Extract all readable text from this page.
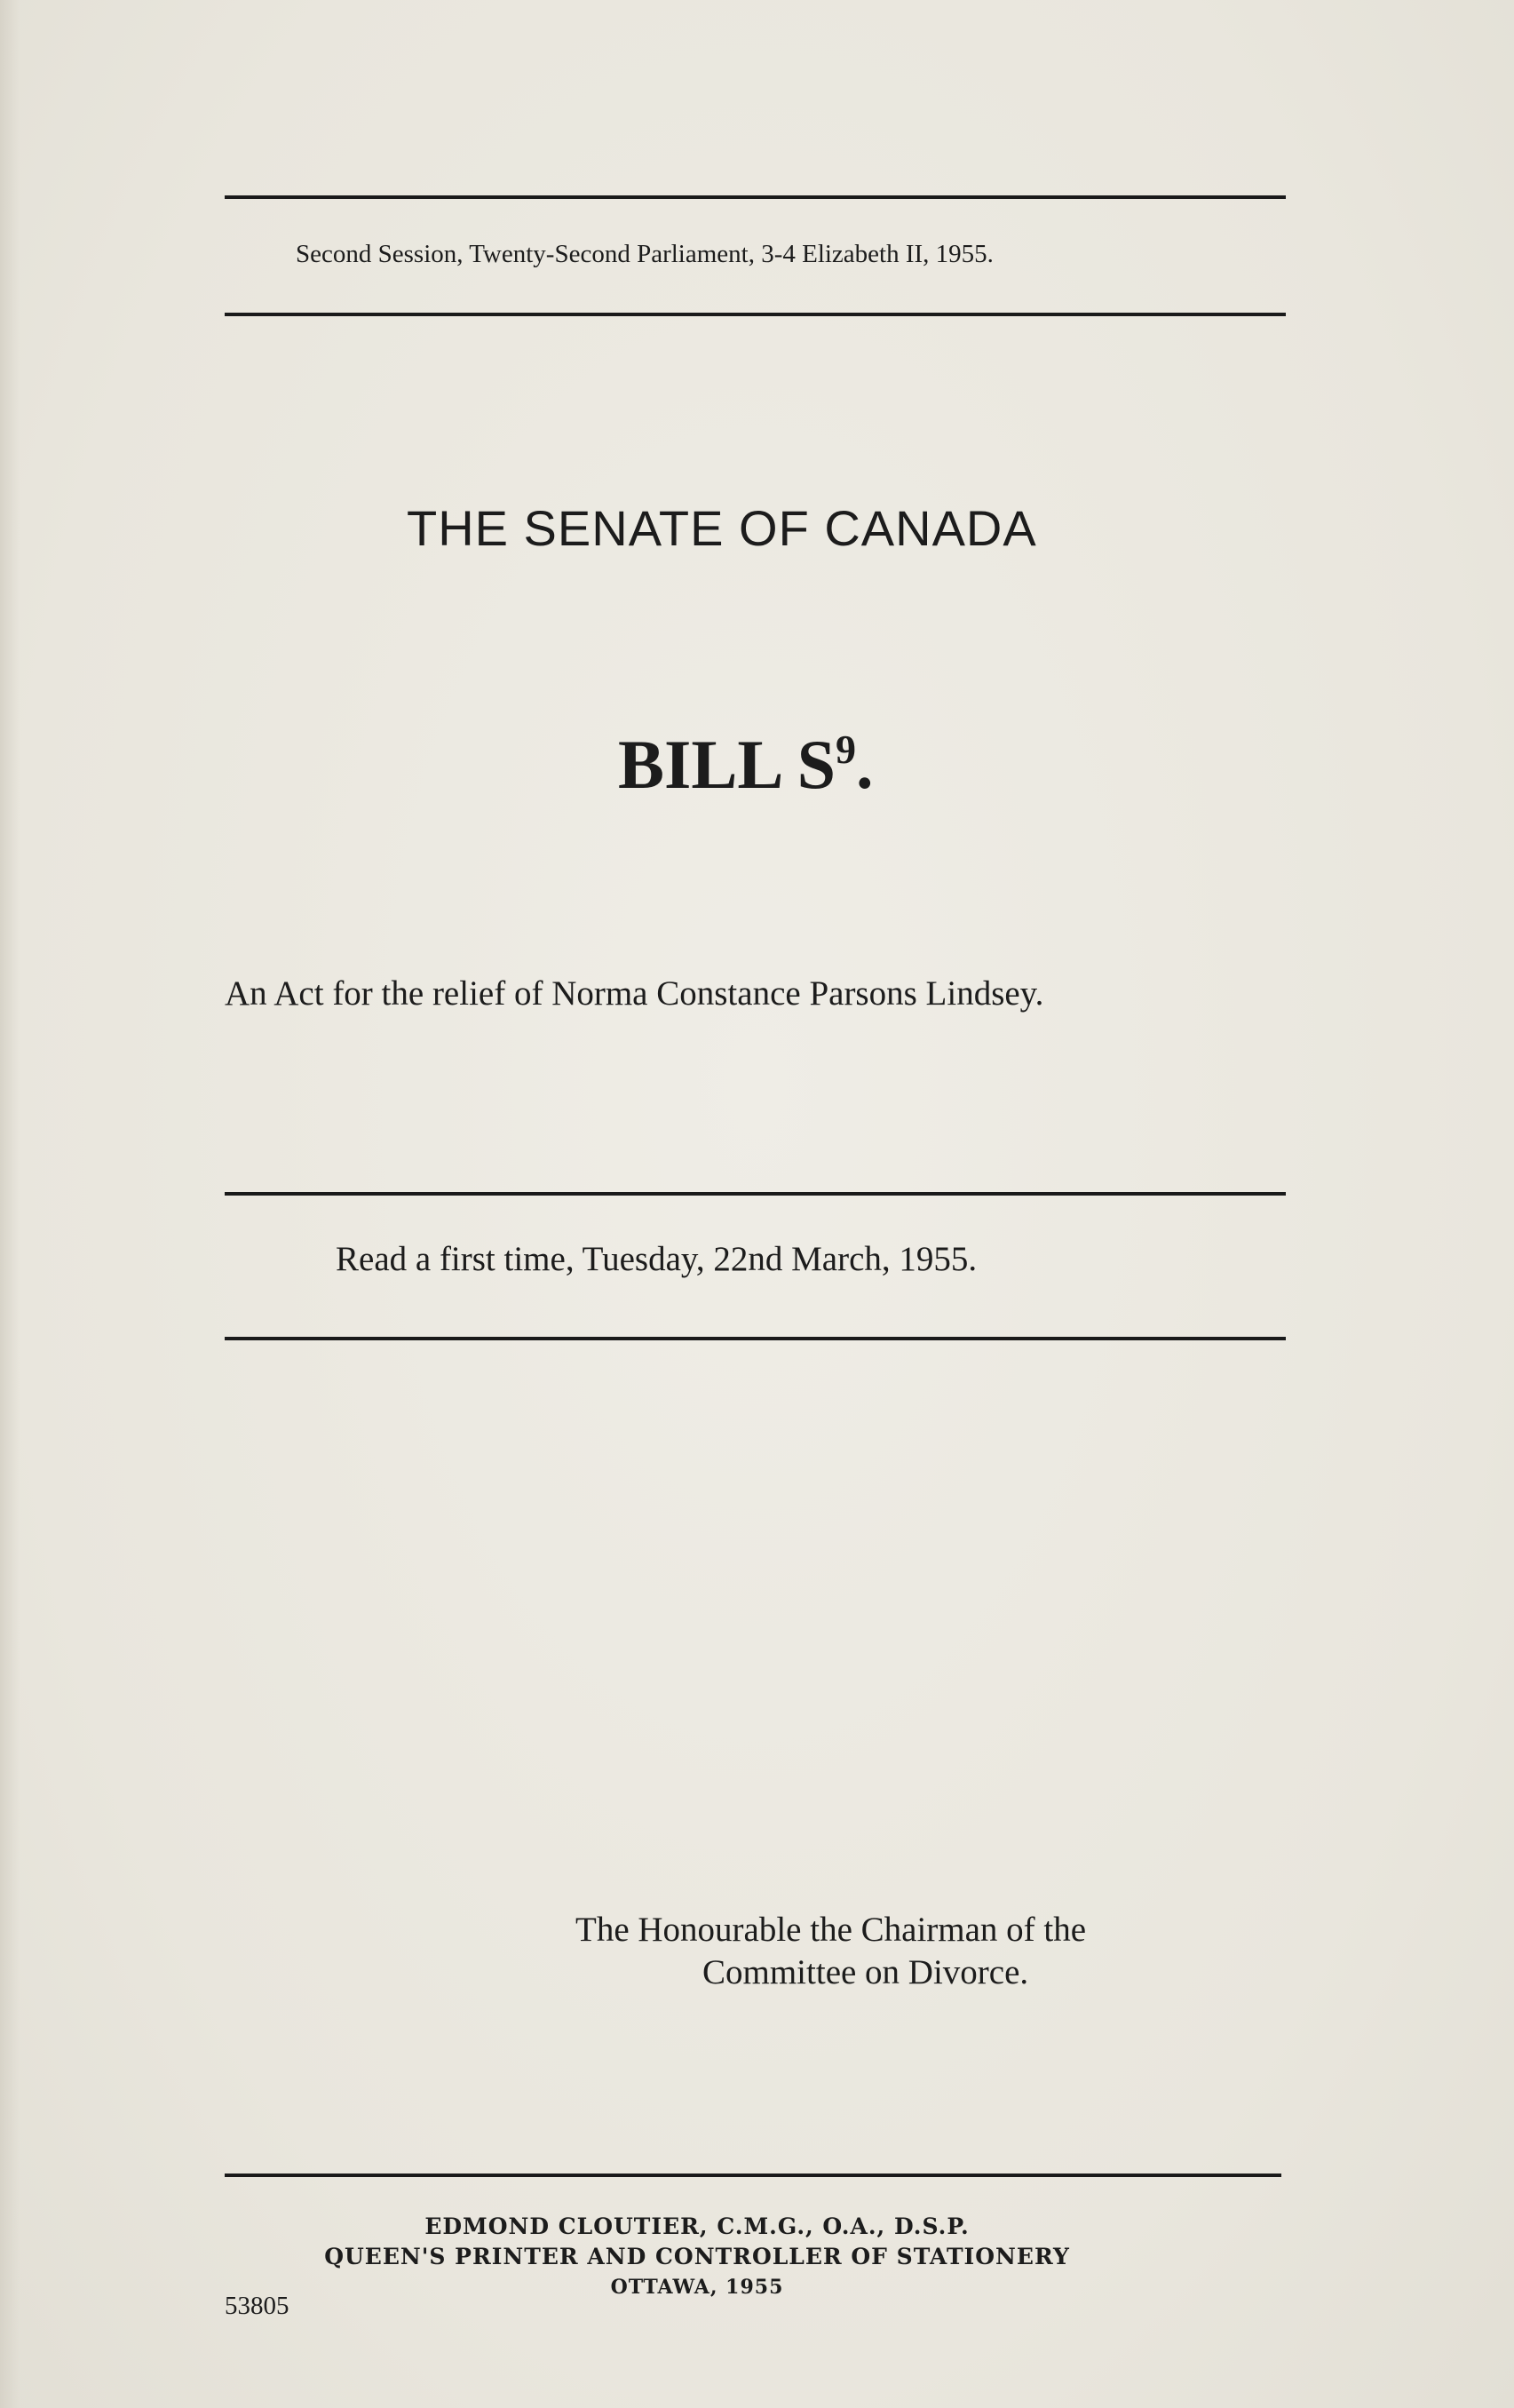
Second Session, Twenty-Second Parliament, 3-4 Elizabeth II, 1955.
THE SENATE OF CANADA
BILL $S^9$.
An Act for the relief of Norma Constance Parsons Lindsey.
Read a first time, Tuesday, 22nd March, 1955.
The Honourable the Chairman of the
Committee on Divorce.
EDMOND CLOUTIER, C.M.G., O.A., D.S.P.
QUEEN'S PRINTER AND CONTROLLER OF STATIONERY
OTTAWA, 1955
53805
